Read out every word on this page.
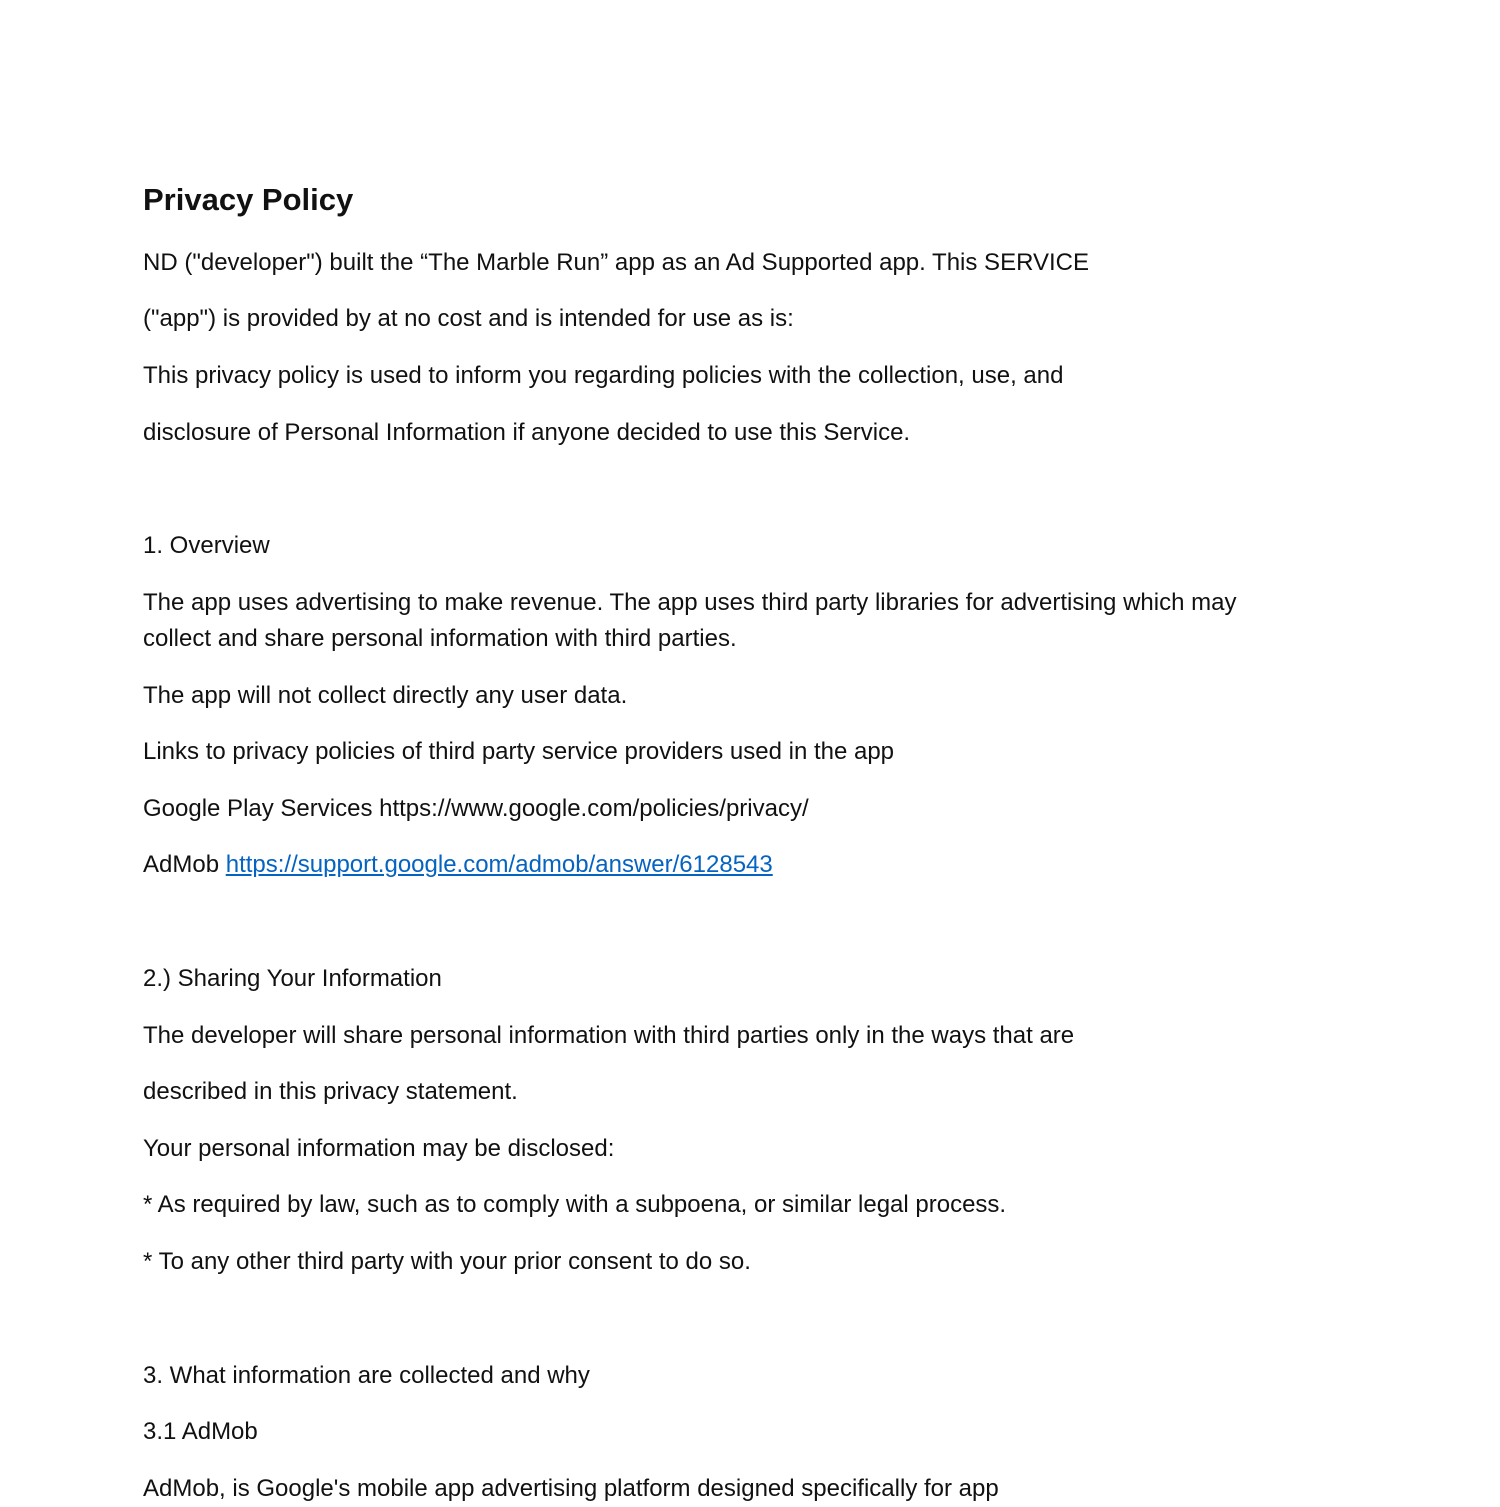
Privacy Policy
ND ("developer") built the “The Marble Run” app as an Ad Supported app. This SERVICE
("app") is provided by at no cost and is intended for use as is:
This privacy policy is used to inform you regarding policies with the collection, use, and
disclosure of Personal Information if anyone decided to use this Service.
1. Overview
The app uses advertising to make revenue. The app uses third party libraries for advertising which may
collect and share personal information with third parties.
The app will not collect directly any user data.
Links to privacy policies of third party service providers used in the app
Google Play Services https://www.google.com/policies/privacy/
AdMob https://support.google.com/admob/answer/6128543
2.) Sharing Your Information
The developer will share personal information with third parties only in the ways that are
described in this privacy statement.
Your personal information may be disclosed:
* As required by law, such as to comply with a subpoena, or similar legal process.
* To any other third party with your prior consent to do so.
3. What information are collected and why
3.1 AdMob
AdMob, is Google's mobile app advertising platform designed specifically for app
